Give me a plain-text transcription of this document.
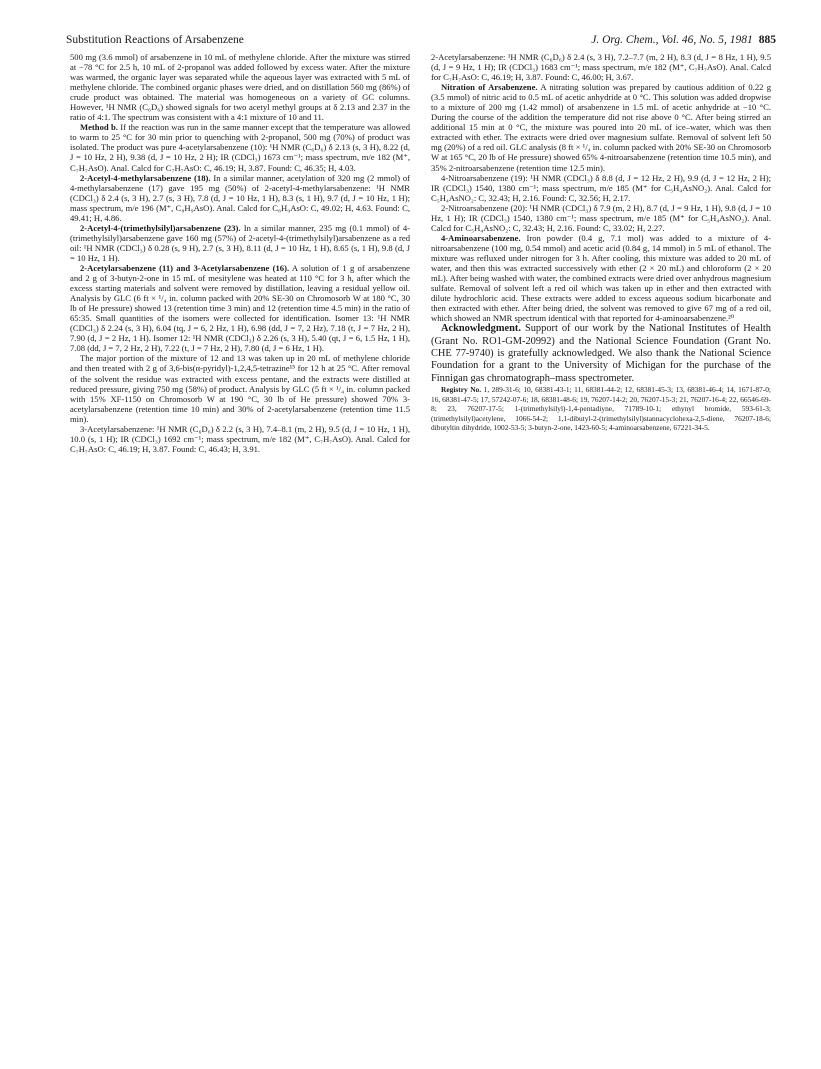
Substitution Reactions of Arsabenzene	J. Org. Chem., Vol. 46, No. 5, 1981 885

500 mg (3.6 mmol) of arsabenzene in 10 mL of methylene chloride. After the mixture was stirred at −78 °C for 2.5 h, 10 mL of 2-propanol was added followed by excess water. After the mixture was warmed, the organic layer was separated while the aqueous layer was extracted with 5 mL of methylene chloride. The combined organic phases were dried, and on distillation 560 mg (86%) of crude product was obtained. The material was homogeneous on a variety of GC columns. However, ¹H NMR (C₆D₆) showed signals for two acetyl methyl groups at δ 2.13 and 2.37 in the ratio of 4:1. The spectrum was consistent with a 4:1 mixture of 10 and 11.

Method b. If the reaction was run in the same manner except that the temperature was allowed to warm to 25 °C for 30 min prior to quenching with 2-propanol, 500 mg (70%) of product was isolated. The product was pure 4-acetylarsabenzene (10): ¹H NMR (C₆D₆) δ 2.13 (s, 3 H), 8.22 (d, J = 10 Hz, 2 H), 9.38 (d, J = 10 Hz, 2 H); IR (CDCl₃) 1673 cm⁻¹; mass spectrum, m/e 182 (M⁺, C₇H₇AsO). Anal. Calcd for C₇H₇AsO: C, 46.19; H, 3.87. Found: C, 46.35; H, 4.03.

2-Acetyl-4-methylarsabenzene (18). In a similar manner, acetylation of 320 mg (2 mmol) of 4-methylarsabenzene (17) gave 195 mg (50%) of 2-acetyl-4-methylarsabenzene: ¹H NMR (CDCl₃) δ 2.4 (s, 3 H), 2.7 (s, 3 H), 7.8 (d, J = 10 Hz, 1 H), 8.3 (s, 1 H), 9.7 (d, J = 10 Hz, 1 H); mass spectrum, m/e 196 (M⁺, C₈H₉AsO). Anal. Calcd for C₈H₉AsO: C, 49.02; H, 4.63. Found: C, 49.41; H, 4.86.

2-Acetyl-4-(trimethylsilyl)arsabenzene (23). In a similar manner, 235 mg (0.1 mmol) of 4-(trimethylsilyl)arsabenzene gave 160 mg (57%) of 2-acetyl-4-(trimethylsilyl)arsabenzene as a red oil: ¹H NMR (CDCl₃) δ 0.28 (s, 9 H), 2.7 (s, 3 H), 8.11 (d, J = 10 Hz, 1 H), 8.65 (s, 1 H), 9.8 (d, J = 10 Hz, 1 H).

2-Acetylarsabenzene (11) and 3-Acetylarsabenzene (16). A solution of 1 g of arsabenzene and 2 g of 3-butyn-2-one in 15 mL of mesitylene was heated at 110 °C for 3 h, after which the excess starting materials and solvent were removed by distillation, leaving a residual yellow oil. Analysis by GLC (6 ft × ¹/₄ in. column packed with 20% SE-30 on Chromosorb W at 180 °C, 30 lb of He pressure) showed 13 (retention time 3 min) and 12 (retention time 4.5 min) in the ratio of 65:35. Small quantities of the isomers were collected for identification. Isomer 13: ¹H NMR (CDCl₃) δ 2.24 (s, 3 H), 6.04 (tq, J = 6, 2 Hz, 1 H), 6.98 (dd, J = 7, 2 Hz), 7.18 (t, J = 7 Hz, 2 H), 7.90 (d, J = 2 Hz, 1 H). Isomer 12: ¹H NMR (CDCl₃) δ 2.26 (s, 3 H), 5.40 (qt, J = 6, 1.5 Hz, 1 H), 7.08 (dd, J = 7, 2 Hz, 2 H), 7.22 (t, J = 7 Hz, 2 H), 7.80 (d, J = 6 Hz, 1 H).

The major portion of the mixture of 12 and 13 was taken up in 20 mL of methylene chloride and then treated with 2 g of 3,6-bis(α-pyridyl)-1,2,4,5-tetrazine¹⁵ for 12 h at 25 °C. After removal of the solvent the residue was extracted with excess pentane, and the extracts were distilled at reduced pressure, giving 750 mg (58%) of product. Analysis by GLC (5 ft × ¹/₄ in. column packed with 15% XF-1150 on Chromosorb W at 190 °C, 30 lb of He pressure) showed 70% 3-acetylarsabenzene (retention time 10 min) and 30% of 2-acetylarsabenzene (retention time 11.5 min).

3-Acetylarsabenzene: ¹H NMR (C₆D₆) δ 2.2 (s, 3 H), 7.4–8.1 (m, 2 H), 9.5 (d, J = 10 Hz, 1 H), 10.0 (s, 1 H); IR (CDCl₃) 1692 cm⁻¹; mass spectrum, m/e 182 (M⁺, C₇H₇AsO). Anal. Calcd for C₇H₇AsO: C, 46.19; H, 3.87. Found: C, 46.43; H, 3.91.

2-Acetylarsabenzene: ¹H NMR (C₆D₆) δ 2.4 (s, 3 H), 7.2–7.7 (m, 2 H), 8.3 (d, J = 8 Hz, 1 H), 9.5 (d, J = 9 Hz, 1 H); IR (CDCl₃) 1683 cm⁻¹; mass spectrum, m/e 182 (M⁺, C₇H₇AsO). Anal. Calcd for C₇H₇AsO: C, 46.19; H, 3.87. Found: C, 46.00; H, 3.67.

Nitration of Arsabenzene. A nitrating solution was prepared by cautious addition of 0.22 g (3.5 mmol) of nitric acid to 0.5 mL of acetic anhydride at 0 °C. This solution was added dropwise to a mixture of 200 mg (1.42 mmol) of arsabenzene in 1.5 mL of acetic anhydride at −10 °C. During the course of the addition the temperature did not rise above 0 °C. After being stirred an additional 15 min at 0 °C, the mixture was poured into 20 mL of ice–water, which was then extracted with ether. The extracts were dried over magnesium sulfate. Removal of solvent left 50 mg (20%) of a red oil. GLC analysis (8 ft × ¹/₄ in. column packed with 20% SE-30 on Chromosorb W at 165 °C, 20 lb of He pressure) showed 65% 4-nitroarsabenzene (retention time 10.5 min), and 35% 2-nitroarsabenzene (retention time 12.5 min).

4-Nitroarsabenzene (19): ¹H NMR (CDCl₃) δ 8.8 (d, J = 12 Hz, 2 H), 9.9 (d, J = 12 Hz, 2 H); IR (CDCl₃) 1540, 1380 cm⁻¹; mass spectrum, m/e 185 (M⁺ for C₅H₄AsNO₂). Anal. Calcd for C₅H₄AsNO₂: C, 32.43; H, 2.16. Found: C, 32.56; H, 2.17.

2-Nitroarsabenzene (20): ¹H NMR (CDCl₃) δ 7.9 (m, 2 H), 8.7 (d, J = 9 Hz, 1 H), 9.8 (d, J = 10 Hz, 1 H); IR (CDCl₃) 1540, 1380 cm⁻¹; mass spectrum, m/e 185 (M⁺ for C₅H₄AsNO₂). Anal. Calcd for C₅H₄AsNO₂: C, 32.43; H, 2.16. Found: C, 33.02; H, 2.27.

4-Aminoarsabenzene. Iron powder (0.4 g, 7.1 mol) was added to a mixture of 4-nitroarsabenzene (100 mg, 0.54 mmol) and acetic acid (0.84 g, 14 mmol) in 5 mL of ethanol. The mixture was refluxed under nitrogen for 3 h. After cooling, this mixture was added to 20 mL of water, and then this was extracted successively with ether (2 × 20 mL) and chloroform (2 × 20 mL). After being washed with water, the combined extracts were dried over anhydrous magnesium sulfate. Removal of solvent left a red oil which was taken up in ether and then extracted with dilute hydrochloric acid. These extracts were added to excess aqueous sodium bicarbonate and then extracted with ether. After being dried, the solvent was removed to give 67 mg of a red oil, which showed an NMR spectrum identical with that reported for 4-aminoarsabenzene.²⁰

Acknowledgment. Support of our work by the National Institutes of Health (Grant No. RO1-GM-20992) and the National Science Foundation (Grant No. CHE 77-9740) is gratefully acknowledged. We also thank the National Science Foundation for a grant to the University of Michigan for the purchase of the Finnigan gas chromatograph–mass spectrometer.

Registry No. 1, 289-31-6; 10, 68381-43-1; 11, 68381-44-2; 12, 68381-45-3; 13, 68381-46-4; 14, 1671-87-0; 16, 68381-47-5; 17, 57242-07-6; 18, 68381-48-6; 19, 76207-14-2; 20, 76207-15-3; 21, 76207-16-4; 22, 66546-69-8; 23, 76207-17-5; 1-(trimethylsilyl)-1,4-pentadiyne, 71789-10-1; ethynyl bromide, 593-61-3; (trimethylsilyl)acetylene, 1066-54-2; 1,1-dibutyl-2-(trimethylsilyl)stannacyclohexa-2,5-diene, 76207-18-6; dibutyltin dihydride, 1002-53-5; 3-butyn-2-one, 1423-60-5; 4-aminoarsabenzene, 67221-34-5.
